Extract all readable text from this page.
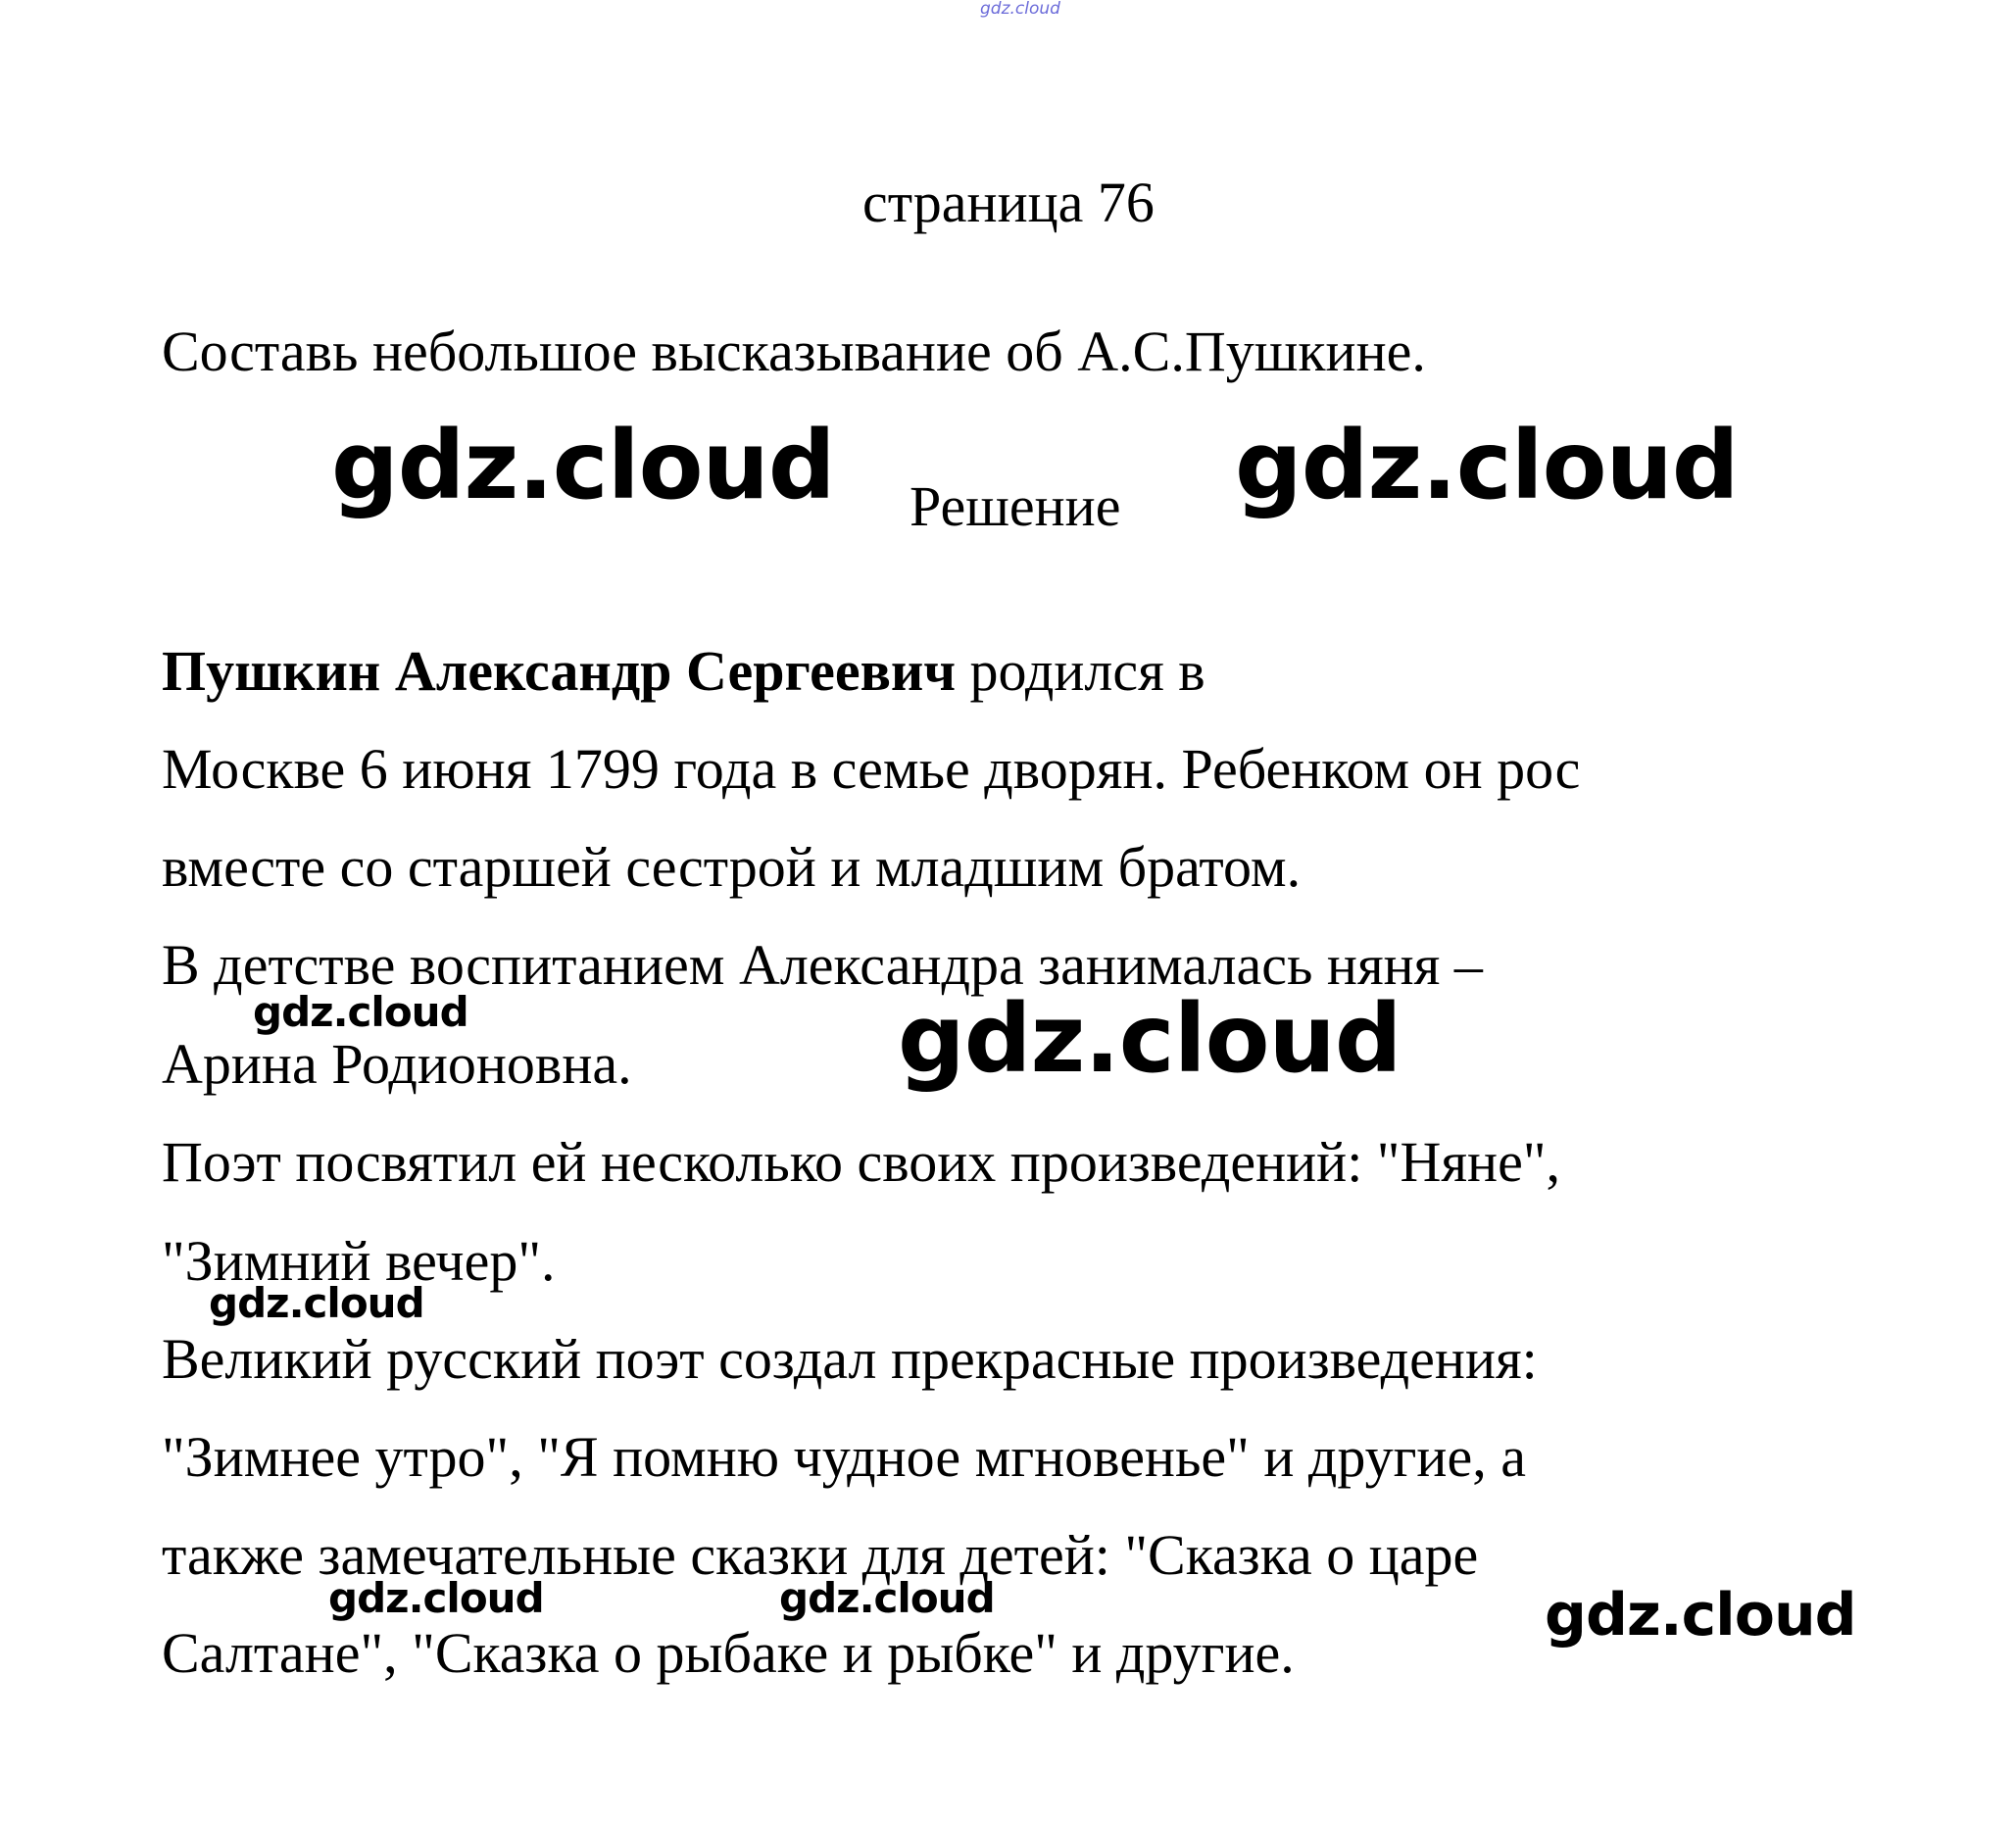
gdz.cloud
страница 76
Составь небольшое высказывание об А.С.Пушкине.
gdz.cloud Решение gdz.cloud
Пушкин Александр Сергеевич родился в
Москве 6 июня 1799 года в семье дворян. Ребенком он рос
вместе со старшей сестрой и младшим братом.
В детстве воспитанием Александра занималась няня –
gdz.cloud
Арина Родионовна.	gdz.cloud
Поэт посвятил ей несколько своих произведений: "Няне",
"Зимний вечер".
gdz.cloud
Великий русский поэт создал прекрасные произведения:
"Зимнее утро", "Я помню чудное мгновенье" и другие, а
также замечательные сказки для детей: "Сказка о царе
gdz.cloud	gdz.cloud
Салтане", "Сказка о рыбаке и рыбке" и другие.
gdz.cloud
